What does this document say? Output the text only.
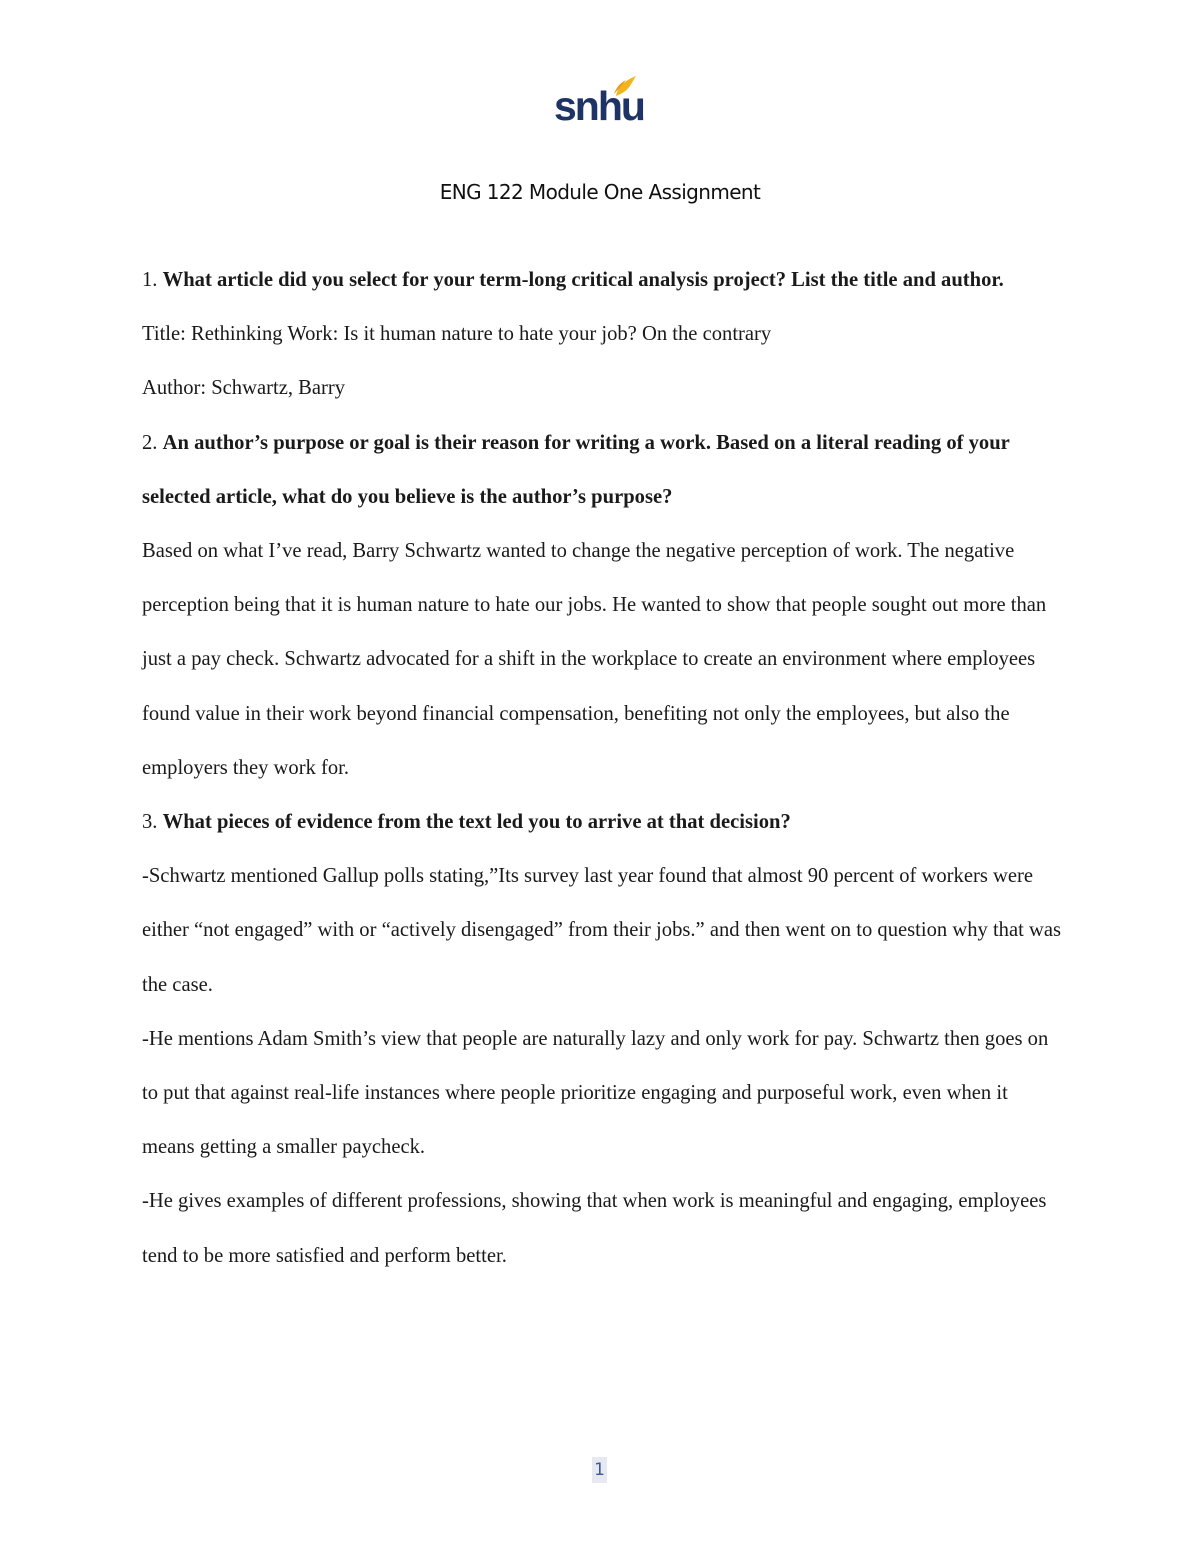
snhu
ENG 122 Module One Assignment

1. What article did you select for your term-long critical analysis project? List the title and author.

Title: Rethinking Work: Is it human nature to hate your job? On the contrary

Author: Schwartz, Barry

2. An author’s purpose or goal is their reason for writing a work. Based on a literal reading of your selected article, what do you believe is the author’s purpose?

Based on what I’ve read, Barry Schwartz wanted to change the negative perception of work. The negative perception being that it is human nature to hate our jobs. He wanted to show that people sought out more than just a pay check. Schwartz advocated for a shift in the workplace to create an environment where employees found value in their work beyond financial compensation, benefiting not only the employees, but also the employers they work for.

3. What pieces of evidence from the text led you to arrive at that decision?

-Schwartz mentioned Gallup polls stating,”Its survey last year found that almost 90 percent of workers were either “not engaged” with or “actively disengaged” from their jobs.” and then went on to question why that was the case.

-He mentions Adam Smith’s view that people are naturally lazy and only work for pay. Schwartz then goes on to put that against real-life instances where people prioritize engaging and purposeful work, even when it means getting a smaller paycheck.

-He gives examples of different professions, showing that when work is meaningful and engaging, employees tend to be more satisfied and perform better.

1
